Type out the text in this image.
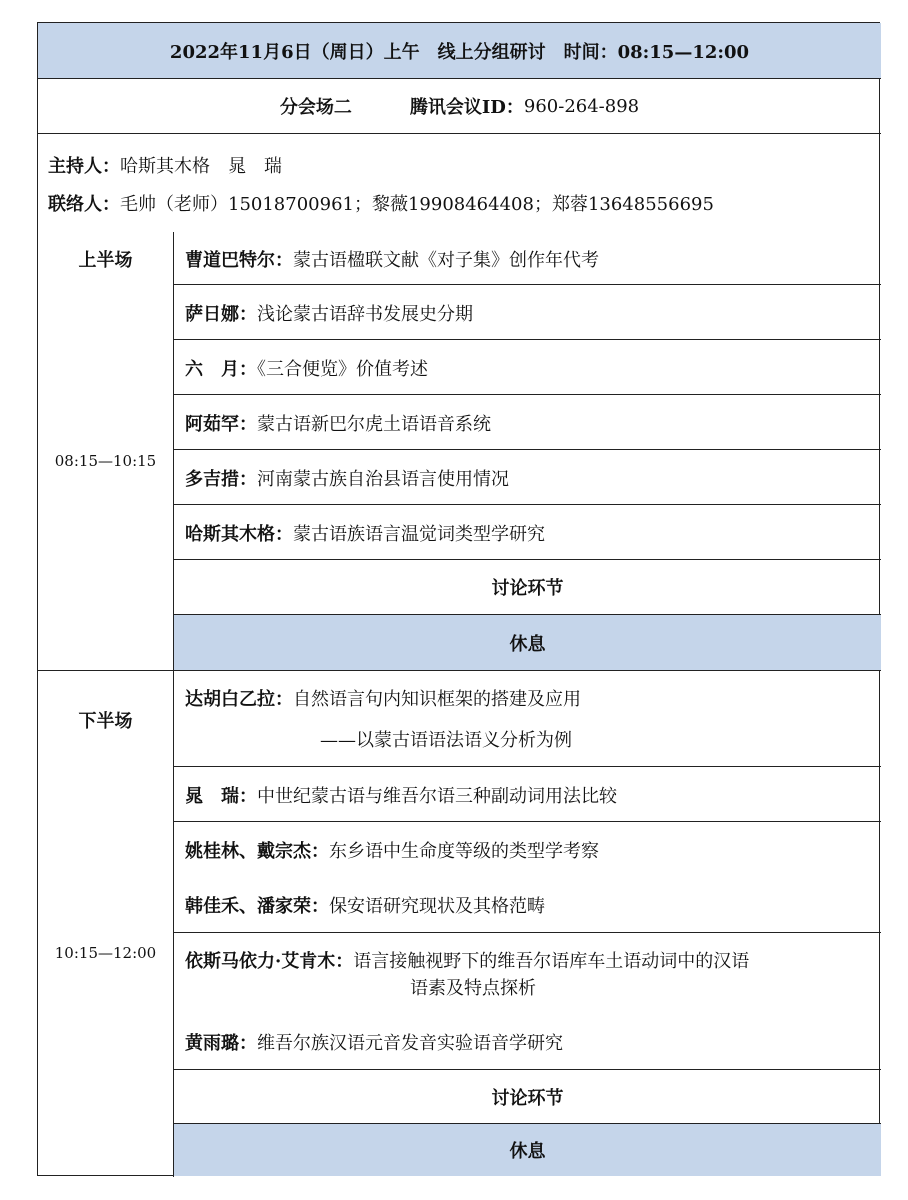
2022年11月6日（周日）上午　线上分组研讨　时间：08:15—12:00
分会场二	腾讯会议ID： 960-264-898
主持人：哈斯其木格　晁　瑞
联络人：毛帅（老师）15018700961；黎薇19908464408；郑蓉13648556695
上半场
08:15—10:15
曹道巴特尔：蒙古语楹联文献《对子集》创作年代考
萨日娜：浅论蒙古语辞书发展史分期
六　月：《三合便览》价值考述
阿茹罕：蒙古语新巴尔虎土语语音系统
多吉措：河南蒙古族自治县语言使用情况
哈斯其木格：蒙古语族语言温觉词类型学研究
讨论环节
休息
下半场
10:15—12:00
达胡白乙拉：自然语言句内知识框架的搭建及应用
——以蒙古语语法语义分析为例
晁　瑞：中世纪蒙古语与维吾尔语三种副动词用法比较
姚桂林、戴宗杰：东乡语中生命度等级的类型学考察
韩佳禾、潘家荣：保安语研究现状及其格范畴
依斯马依力·艾肯木：语言接触视野下的维吾尔语库车土语动词中的汉语
语素及特点探析
黄雨璐：维吾尔族汉语元音发音实验语音学研究
讨论环节
休息
